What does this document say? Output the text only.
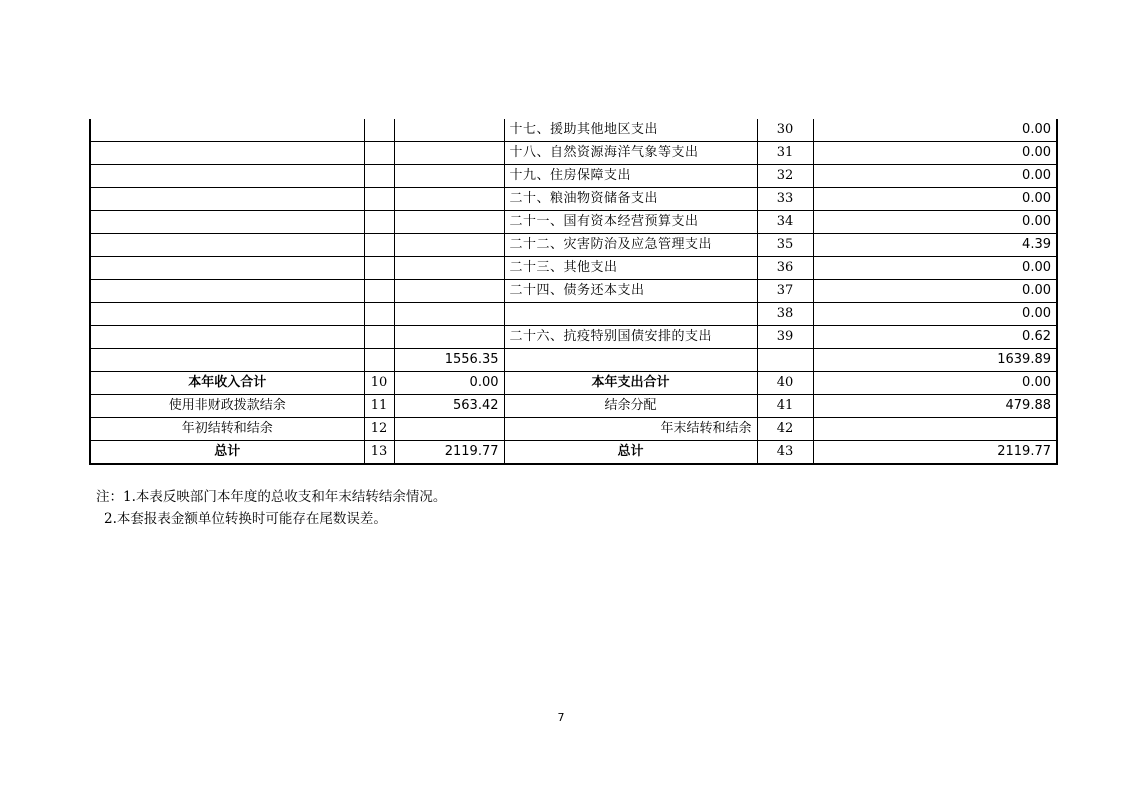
			十七、援助其他地区支出	30	0.00
			十八、自然资源海洋气象等支出	31	0.00
			十九、住房保障支出	32	0.00
			二十、粮油物资储备支出	33	0.00
			二十一、国有资本经营预算支出	34	0.00
			二十二、灾害防治及应急管理支出	35	4.39
			二十三、其他支出	36	0.00
			二十四、债务还本支出	37	0.00
				38	0.00
			二十六、抗疫特别国债安排的支出	39	0.62
		1556.35			1639.89
本年收入合计	10	0.00	本年支出合计	40	0.00
使用非财政拨款结余	11	563.42	结余分配	41	479.88
年初结转和结余	12		年末结转和结余	42	
总计	13	2119.77	总计	43	2119.77
注：1.本表反映部门本年度的总收支和年末结转结余情况。
2.本套报表金额单位转换时可能存在尾数误差。
7
